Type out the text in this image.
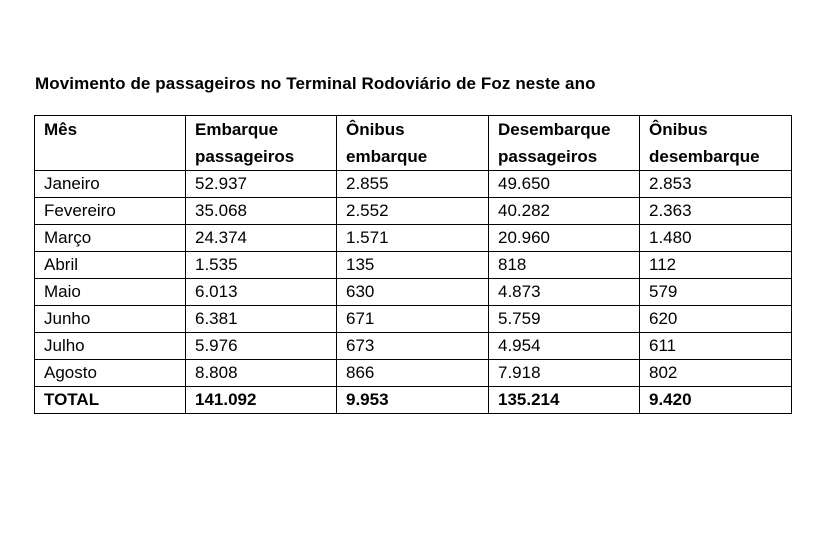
Movimento de passageiros no Terminal Rodoviário de Foz neste ano
Mês	Embarque passageiros	Ônibus embarque	Desembarque passageiros	Ônibus desembarque
Janeiro	52.937	2.855	49.650	2.853
Fevereiro	35.068	2.552	40.282	2.363
Março	24.374	1.571	20.960	1.480
Abril	1.535	135	818	112
Maio	6.013	630	4.873	579
Junho	6.381	671	5.759	620
Julho	5.976	673	4.954	611
Agosto	8.808	866	7.918	802
TOTAL	141.092	9.953	135.214	9.420
